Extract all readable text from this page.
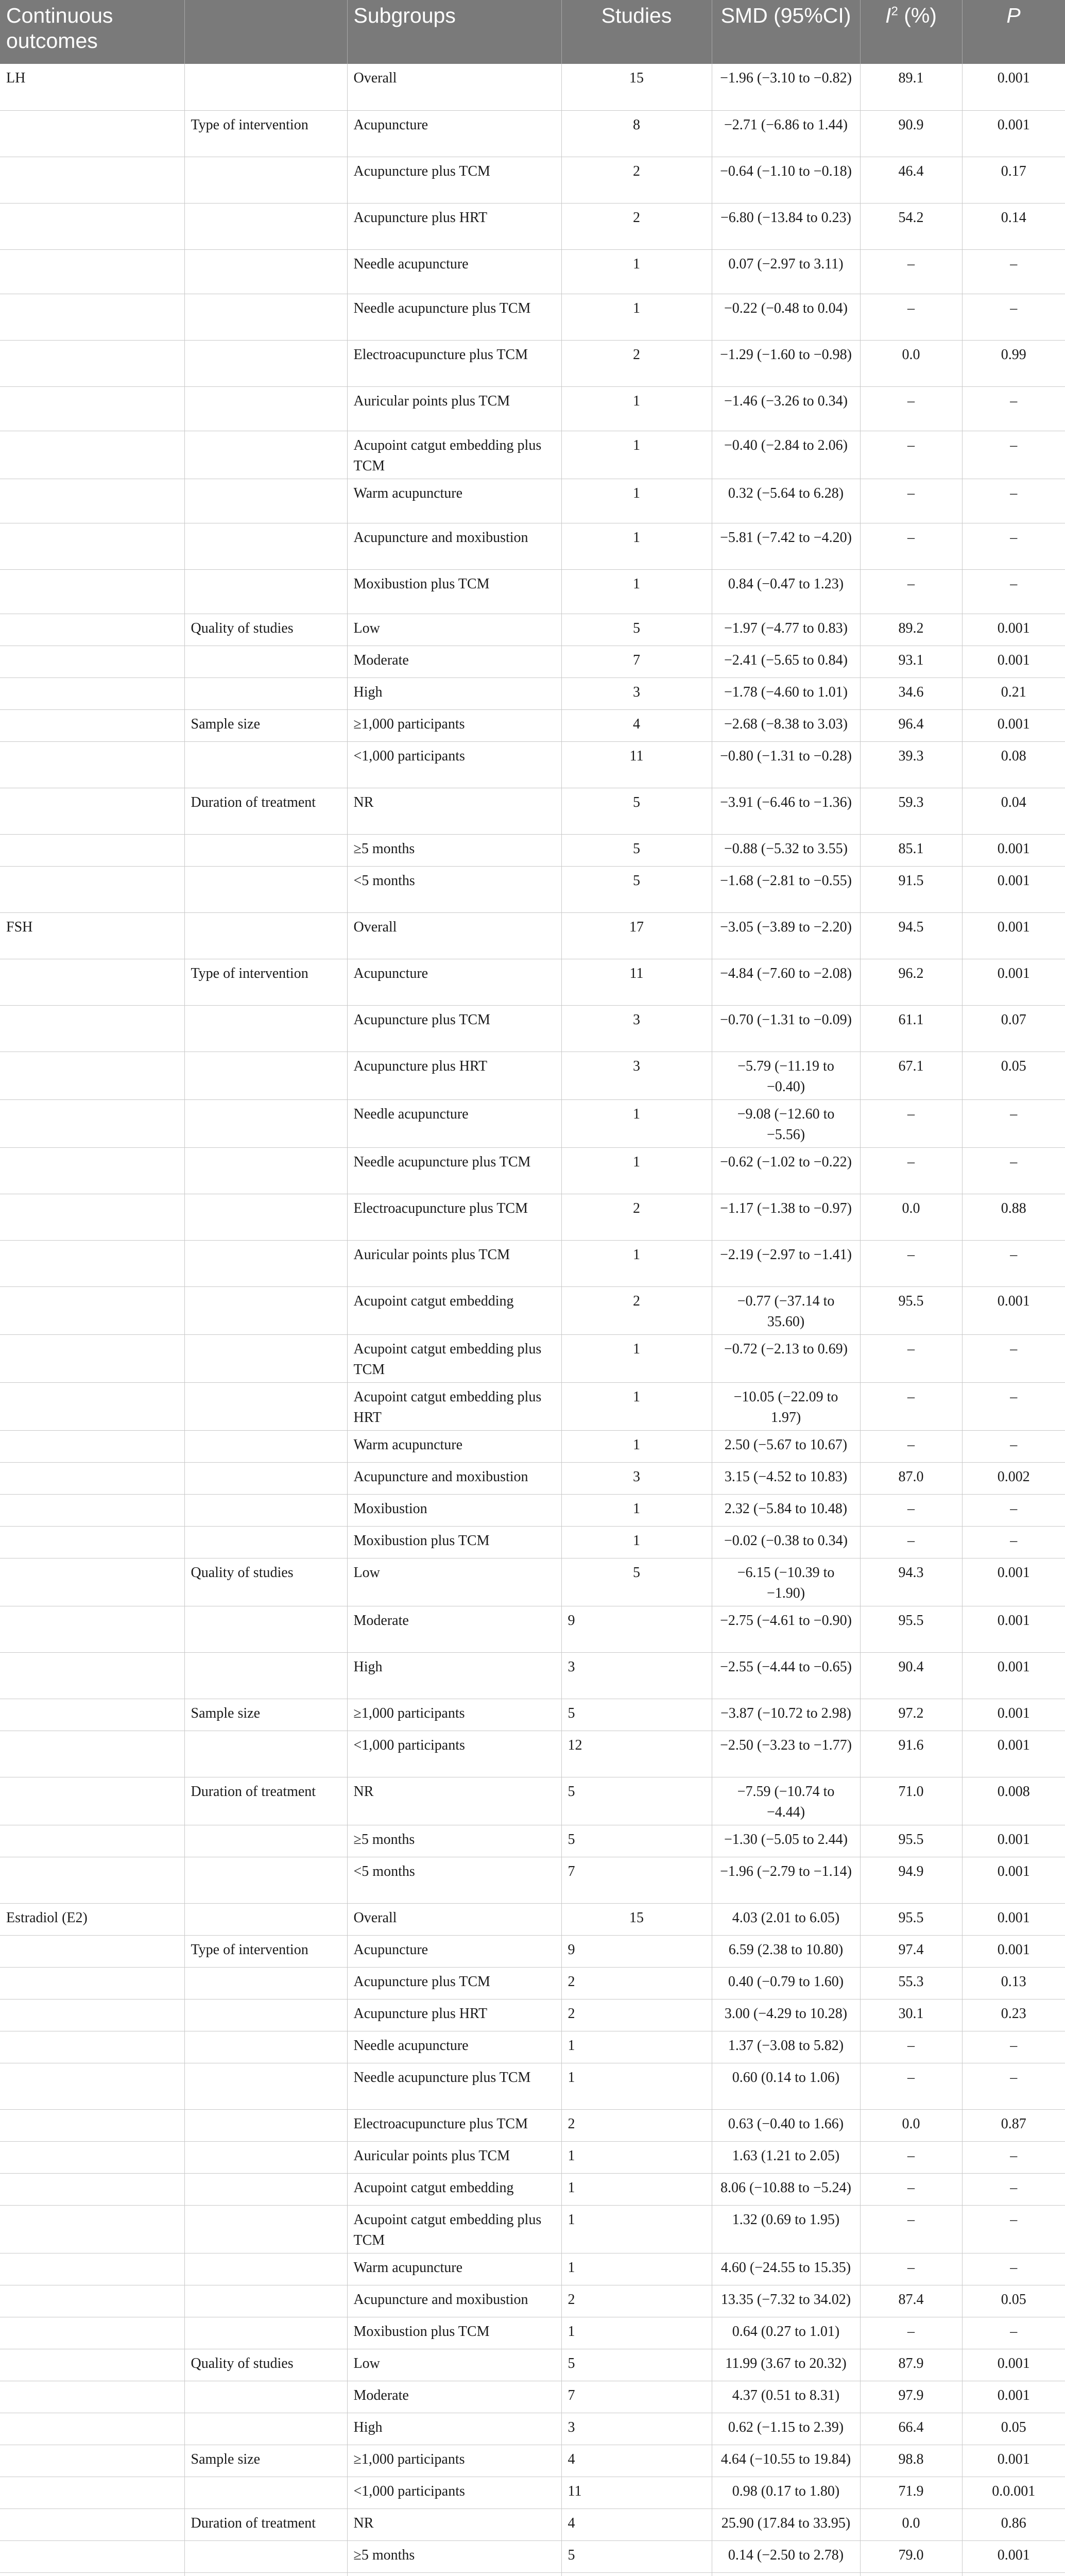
Continuous outcomes		Subgroups	Studies	SMD (95%CI)	$I^2$ (%)	P
LH		Overall	15	−1.96 (−3.10 to −0.82)	89.1	0.001
	Type of intervention	Acupuncture	8	−2.71 (−6.86 to 1.44)	90.9	0.001
		Acupuncture plus TCM	2	−0.64 (−1.10 to −0.18)	46.4	0.17
		Acupuncture plus HRT	2	−6.80 (−13.84 to 0.23)	54.2	0.14
		Needle acupuncture	1	0.07 (−2.97 to 3.11)	–	–
		Needle acupuncture plus TCM	1	−0.22 (−0.48 to 0.04)	–	–
		Electroacupuncture plus TCM	2	−1.29 (−1.60 to −0.98)	0.0	0.99
		Auricular points plus TCM	1	−1.46 (−3.26 to 0.34)	–	–
		Acupoint catgut embedding plus TCM	1	−0.40 (−2.84 to 2.06)	–	–
		Warm acupuncture	1	0.32 (−5.64 to 6.28)	–	–
		Acupuncture and moxibustion	1	−5.81 (−7.42 to −4.20)	–	–
		Moxibustion plus TCM	1	0.84 (−0.47 to 1.23)	–	–
	Quality of studies	Low	5	−1.97 (−4.77 to 0.83)	89.2	0.001
		Moderate	7	−2.41 (−5.65 to 0.84)	93.1	0.001
		High	3	−1.78 (−4.60 to 1.01)	34.6	0.21
	Sample size	≥1,000 participants	4	−2.68 (−8.38 to 3.03)	96.4	0.001
		<1,000 participants	11	−0.80 (−1.31 to −0.28)	39.3	0.08
	Duration of treatment	NR	5	−3.91 (−6.46 to −1.36)	59.3	0.04
		≥5 months	5	−0.88 (−5.32 to 3.55)	85.1	0.001
		<5 months	5	−1.68 (−2.81 to −0.55)	91.5	0.001
FSH		Overall	17	−3.05 (−3.89 to −2.20)	94.5	0.001
	Type of intervention	Acupuncture	11	−4.84 (−7.60 to −2.08)	96.2	0.001
		Acupuncture plus TCM	3	−0.70 (−1.31 to −0.09)	61.1	0.07
		Acupuncture plus HRT	3	−5.79 (−11.19 to −0.40)	67.1	0.05
		Needle acupuncture	1	−9.08 (−12.60 to −5.56)	–	–
		Needle acupuncture plus TCM	1	−0.62 (−1.02 to −0.22)	–	–
		Electroacupuncture plus TCM	2	−1.17 (−1.38 to −0.97)	0.0	0.88
		Auricular points plus TCM	1	−2.19 (−2.97 to −1.41)	–	–
		Acupoint catgut embedding	2	−0.77 (−37.14 to 35.60)	95.5	0.001
		Acupoint catgut embedding plus TCM	1	−0.72 (−2.13 to 0.69)	–	–
		Acupoint catgut embedding plus HRT	1	−10.05 (−22.09 to 1.97)	–	–
		Warm acupuncture	1	2.50 (−5.67 to 10.67)	–	–
		Acupuncture and moxibustion	3	3.15 (−4.52 to 10.83)	87.0	0.002
		Moxibustion	1	2.32 (−5.84 to 10.48)	–	–
		Moxibustion plus TCM	1	−0.02 (−0.38 to 0.34)	–	–
	Quality of studies	Low	5	−6.15 (−10.39 to −1.90)	94.3	0.001
		Moderate	9	−2.75 (−4.61 to −0.90)	95.5	0.001
		High	3	−2.55 (−4.44 to −0.65)	90.4	0.001
	Sample size	≥1,000 participants	5	−3.87 (−10.72 to 2.98)	97.2	0.001
		<1,000 participants	12	−2.50 (−3.23 to −1.77)	91.6	0.001
	Duration of treatment	NR	5	−7.59 (−10.74 to −4.44)	71.0	0.008
		≥5 months	5	−1.30 (−5.05 to 2.44)	95.5	0.001
		<5 months	7	−1.96 (−2.79 to −1.14)	94.9	0.001
Estradiol (E2)		Overall	15	4.03 (2.01 to 6.05)	95.5	0.001
	Type of intervention	Acupuncture	9	6.59 (2.38 to 10.80)	97.4	0.001
		Acupuncture plus TCM	2	0.40 (−0.79 to 1.60)	55.3	0.13
		Acupuncture plus HRT	2	3.00 (−4.29 to 10.28)	30.1	0.23
		Needle acupuncture	1	1.37 (−3.08 to 5.82)	–	–
		Needle acupuncture plus TCM	1	0.60 (0.14 to 1.06)	–	–
		Electroacupuncture plus TCM	2	0.63 (−0.40 to 1.66)	0.0	0.87
		Auricular points plus TCM	1	1.63 (1.21 to 2.05)	–	–
		Acupoint catgut embedding	1	8.06 (−10.88 to −5.24)	–	–
		Acupoint catgut embedding plus TCM	1	1.32 (0.69 to 1.95)	–	–
		Warm acupuncture	1	4.60 (−24.55 to 15.35)	–	–
		Acupuncture and moxibustion	2	13.35 (−7.32 to 34.02)	87.4	0.05
		Moxibustion plus TCM	1	0.64 (0.27 to 1.01)	–	–
	Quality of studies	Low	5	11.99 (3.67 to 20.32)	87.9	0.001
		Moderate	7	4.37 (0.51 to 8.31)	97.9	0.001
		High	3	0.62 (−1.15 to 2.39)	66.4	0.05
	Sample size	≥1,000 participants	4	4.64 (−10.55 to 19.84)	98.8	0.001
		<1,000 participants	11	0.98 (0.17 to 1.80)	71.9	0.0.001
	Duration of treatment	NR	4	25.90 (17.84 to 33.95)	0.0	0.86
		≥5 months	5	0.14 (−2.50 to 2.78)	79.0	0.001
